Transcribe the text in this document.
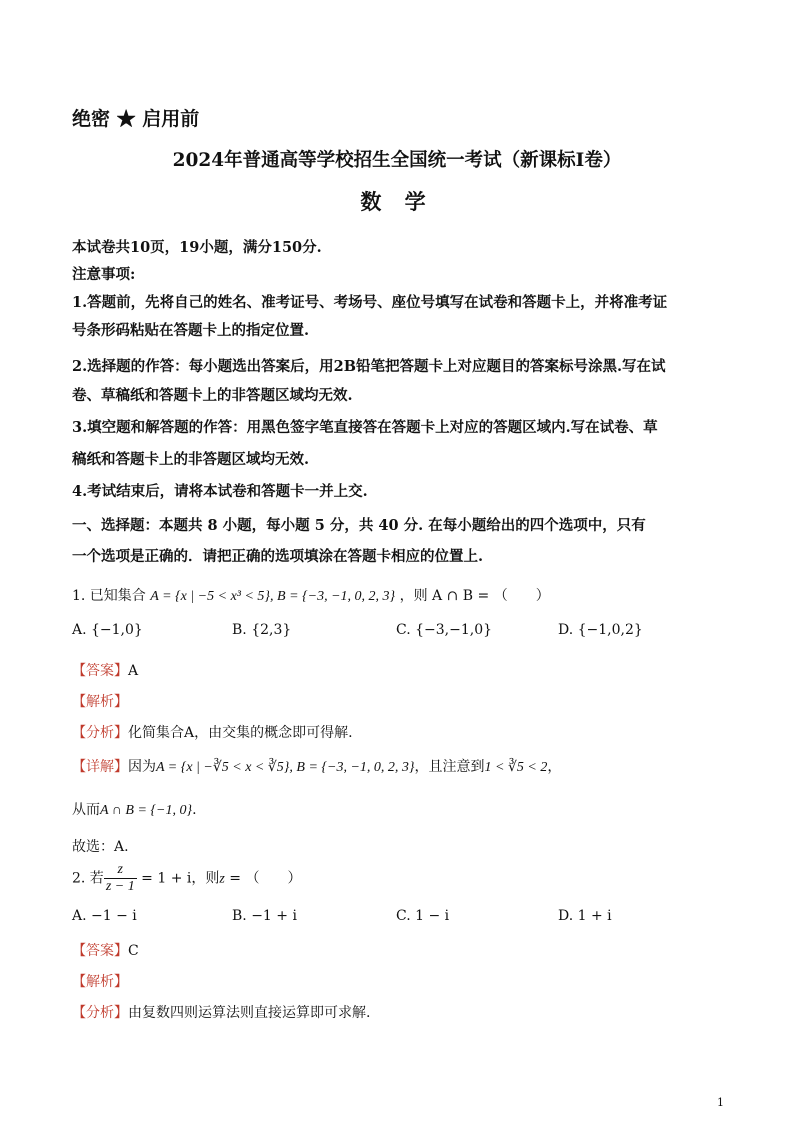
绝密 ★ 启用前
2024年普通高等学校招生全国统一考试（新课标I卷）
数 学
本试卷共10页，19小题，满分150分.
注意事项:
1.答题前，先将自己的姓名、准考证号、考场号、座位号填写在试卷和答题卡上，并将准考证
号条形码粘贴在答题卡上的指定位置.
2.选择题的作答：每小题选出答案后，用2B铅笔把答题卡上对应题目的答案标号涂黑.写在试
卷、草稿纸和答题卡上的非答题区域均无效.
3.填空题和解答题的作答：用黑色签字笔直接答在答题卡上对应的答题区域内.写在试卷、草
稿纸和答题卡上的非答题区域均无效.
4.考试结束后，请将本试卷和答题卡一并上交.
一、选择题：本题共 8 小题，每小题 5 分，共 40 分. 在每小题给出的四个选项中，只有
一个选项是正确的．请把正确的选项填涂在答题卡相应的位置上.
1. 已知集合 A = {x | −5 < x³ < 5}, B = {−3, −1, 0, 2, 3} ，则 A ∩ B = （　　）
A. {−1,0}	B. {2,3}	C. {−3,−1,0}	D. {−1,0,2}
【答案】A
【解析】
【分析】化简集合A，由交集的概念即可得解.
【详解】因为A = {x | −∛5 < x < ∛5}, B = {−3, −1, 0, 2, 3}，且注意到1 < ∛5 < 2，
从而A ∩ B = {−1, 0}.
故选：A.
2. 若 $\frac{z}{z - 1} = 1 + i$，则z = （　　）
A. −1 − i	B. −1 + i	C. 1 − i	D. 1 + i
【答案】C
【解析】
【分析】由复数四则运算法则直接运算即可求解.
1
